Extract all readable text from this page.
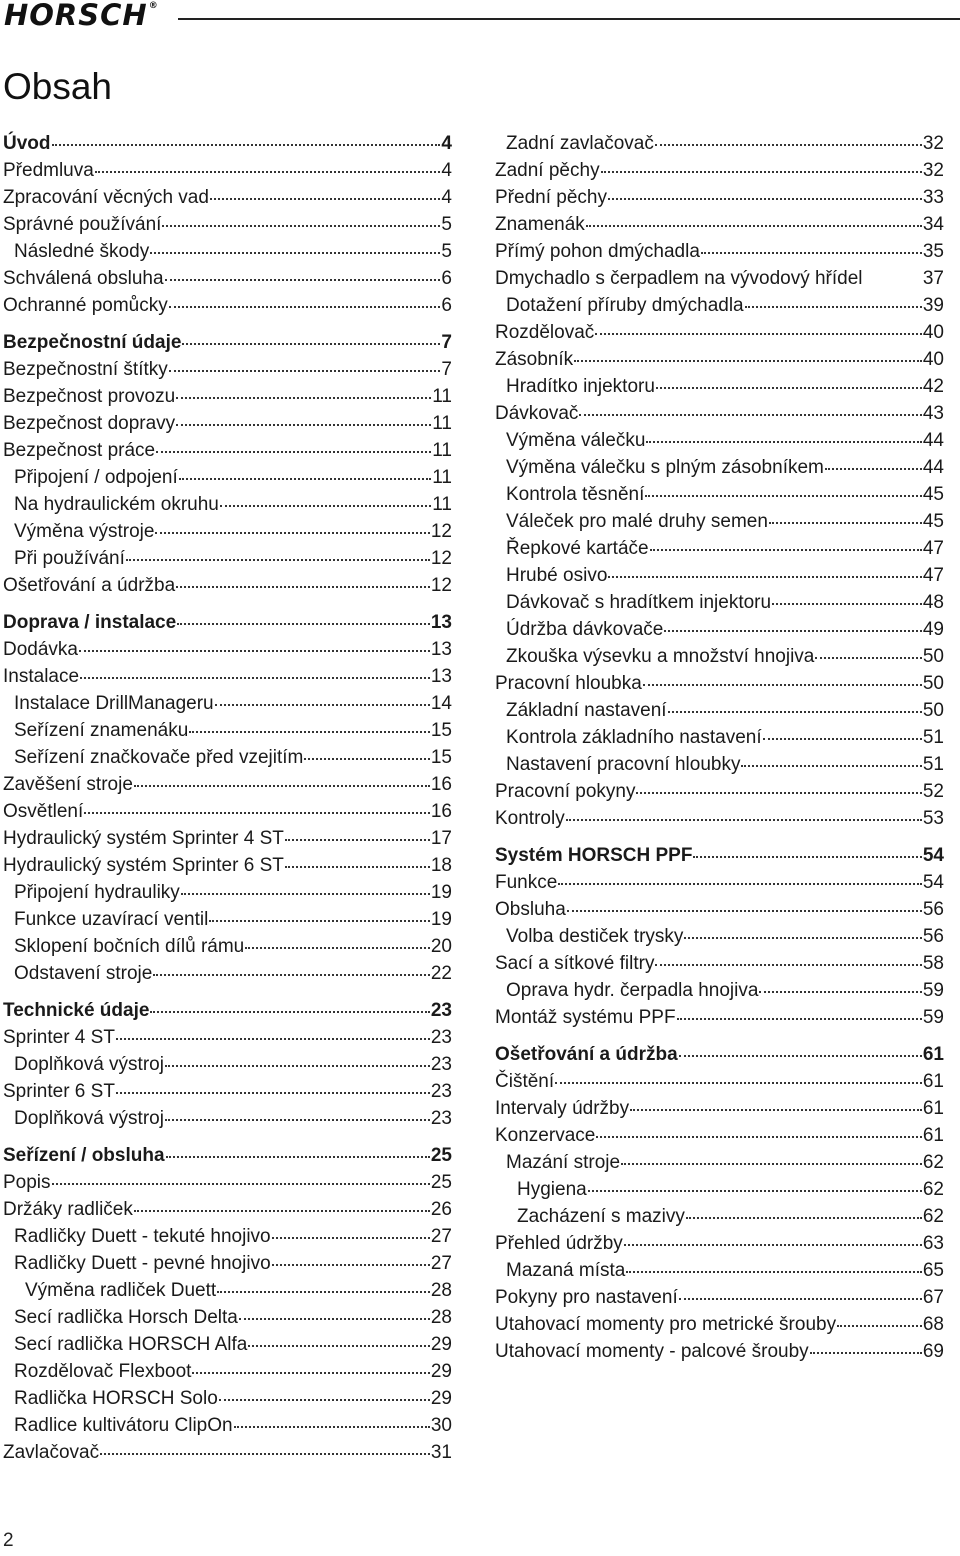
HORSCH®
Obsah
Úvod	4
Předmluva	4
Zpracování věcných vad	4
Správné používání	5
Následné škody	5
Schválená obsluha	6
Ochranné pomůcky	6
Bezpečnostní údaje	7
Bezpečnostní štítky	7
Bezpečnost provozu	11
Bezpečnost dopravy	11
Bezpečnost práce	11
Připojení / odpojení	11
Na hydraulickém okruhu	11
Výměna výstroje	12
Při používání	12
Ošetřování a údržba	12
Doprava / instalace	13
Dodávka	13
Instalace	13
Instalace DrillManageru	14
Seřízení znamenáku	15
Seřízení značkovače před vzejitím	15
Zavěšení stroje	16
Osvětlení	16
Hydraulický systém Sprinter 4 ST	17
Hydraulický systém Sprinter 6 ST	18
Připojení hydrauliky	19
Funkce uzavírací ventil	19
Sklopení bočních dílů rámu	20
Odstavení stroje	22
Technické údaje	23
Sprinter 4 ST	23
Doplňková výstroj	23
Sprinter 6 ST	23
Doplňková výstroj	23
Seřízení / obsluha	25
Popis	25
Držáky radliček	26
Radličky Duett - tekuté hnojivo	27
Radličky Duett - pevné hnojivo	27
Výměna radliček Duett	28
Secí radlička Horsch Delta	28
Secí radlička HORSCH Alfa	29
Rozdělovač Flexboot	29
Radlička HORSCH Solo	29
Radlice kultivátoru ClipOn	30
Zavlačovač	31
Zadní zavlačovač	32
Zadní pěchy	32
Přední pěchy	33
Znamenák	34
Přímý pohon dmýchadla	35
Dmychadlo s čerpadlem na vývodový hřídel	37
Dotažení příruby dmýchadla	39
Rozdělovač	40
Zásobník	40
Hradítko injektoru	42
Dávkovač	43
Výměna válečku	44
Výměna válečku s plným zásobníkem	44
Kontrola těsnění	45
Váleček pro malé druhy semen	45
Řepkové kartáče	47
Hrubé osivo	47
Dávkovač s hradítkem injektoru	48
Údržba dávkovače	49
Zkouška výsevku a množství hnojiva	50
Pracovní hloubka	50
Základní nastavení	50
Kontrola základního nastavení	51
Nastavení pracovní hloubky	51
Pracovní pokyny	52
Kontroly	53
Systém HORSCH PPF	54
Funkce	54
Obsluha	56
Volba destiček trysky	56
Sací a sítkové filtry	58
Oprava hydr. čerpadla hnojiva	59
Montáž systému PPF	59
Ošetřování a údržba	61
Čištění	61
Intervaly údržby	61
Konzervace	61
Mazání stroje	62
Hygiena	62
Zacházení s mazivy	62
Přehled údržby	63
Mazaná místa	65
Pokyny pro nastavení	67
Utahovací momenty pro metrické šrouby	68
Utahovací momenty - palcové šrouby	69
2
